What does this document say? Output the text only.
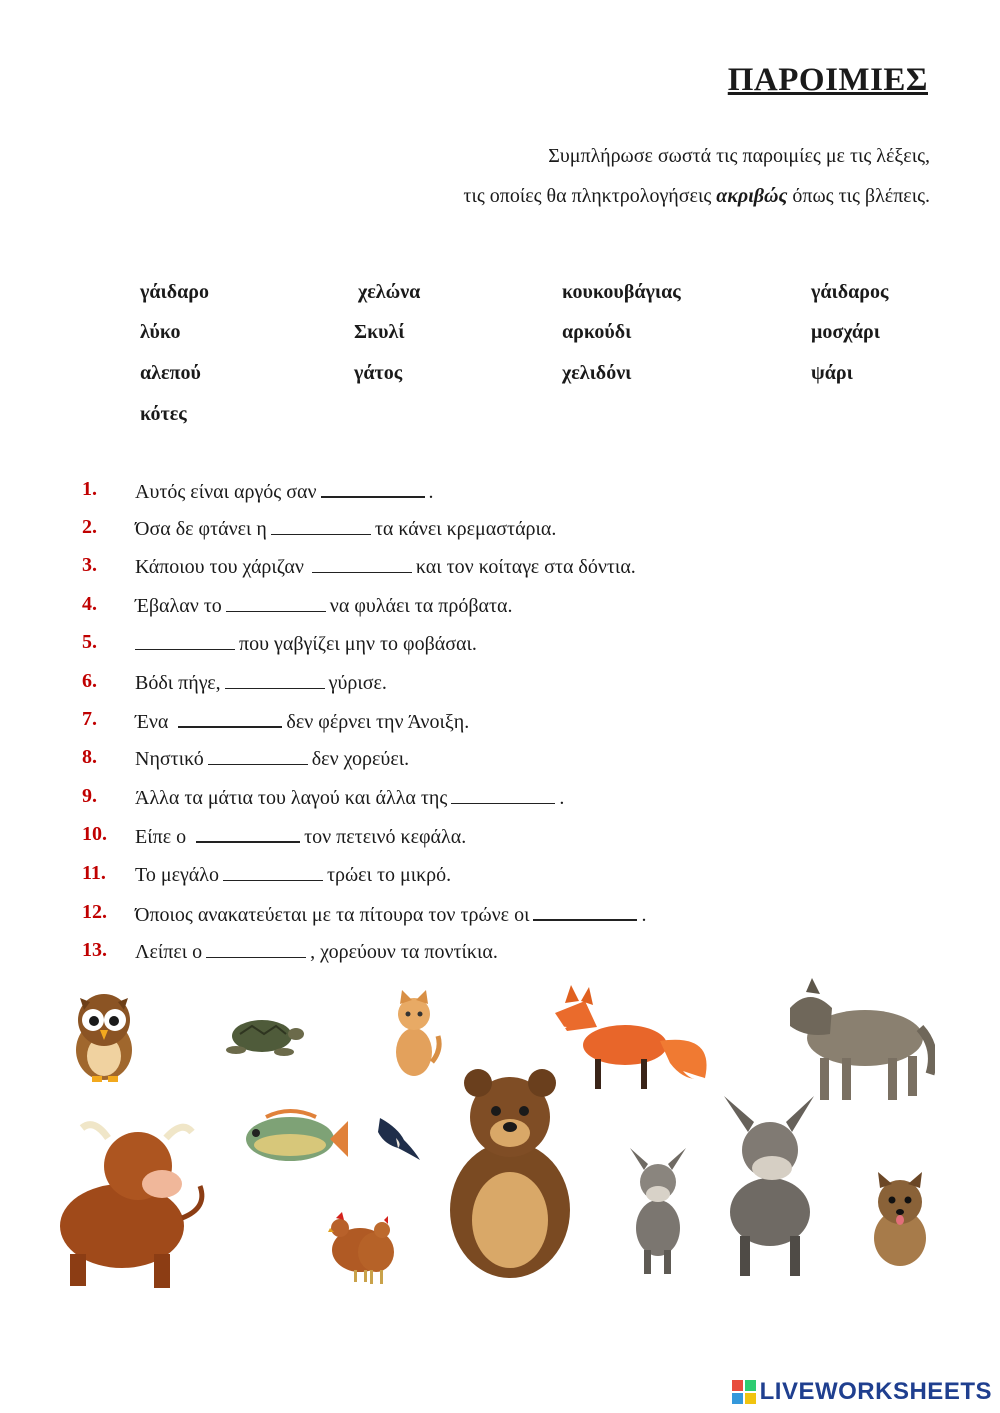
ΠΑΡΟΙΜΙΕΣ
Συμπλήρωσε σωστά τις παροιμίες με τις λέξεις,
τις οποίες θα πληκτρολογήσεις ακριβώς όπως τις βλέπεις.
γάιδαρο	χελώνα	κουκουβάγιας	γάιδαρος
λύκο	Σκυλί	αρκούδι	μοσχάρι
αλεπού	γάτος	χελιδόνι	ψάρι
κότες
1. Αυτός είναι αργός σαν	.
2. Όσα δε φτάνει η	τα κάνει κρεμαστάρια.
3. Κάποιου του χάριζαν	και τον κοίταγε στα δόντια.
4. Έβαλαν το	να φυλάει τα πρόβατα.
5.	που γαβγίζει μην το φοβάσαι.
6. Βόδι πήγε,	γύρισε.
7. Ένα	δεν φέρνει την Άνοιξη.
8. Νηστικό	δεν χορεύει.
9. Άλλα τα μάτια του λαγού και άλλα της	.
10. Είπε ο	τον πετεινό κεφάλα.
11. Το μεγάλο	τρώει το μικρό.
12. Όποιος ανακατεύεται με τα πίτουρα τον τρώνε οι	.
13. Λείπει ο	, χορεύουν τα ποντίκια.
LIVEWORKSHEETS
